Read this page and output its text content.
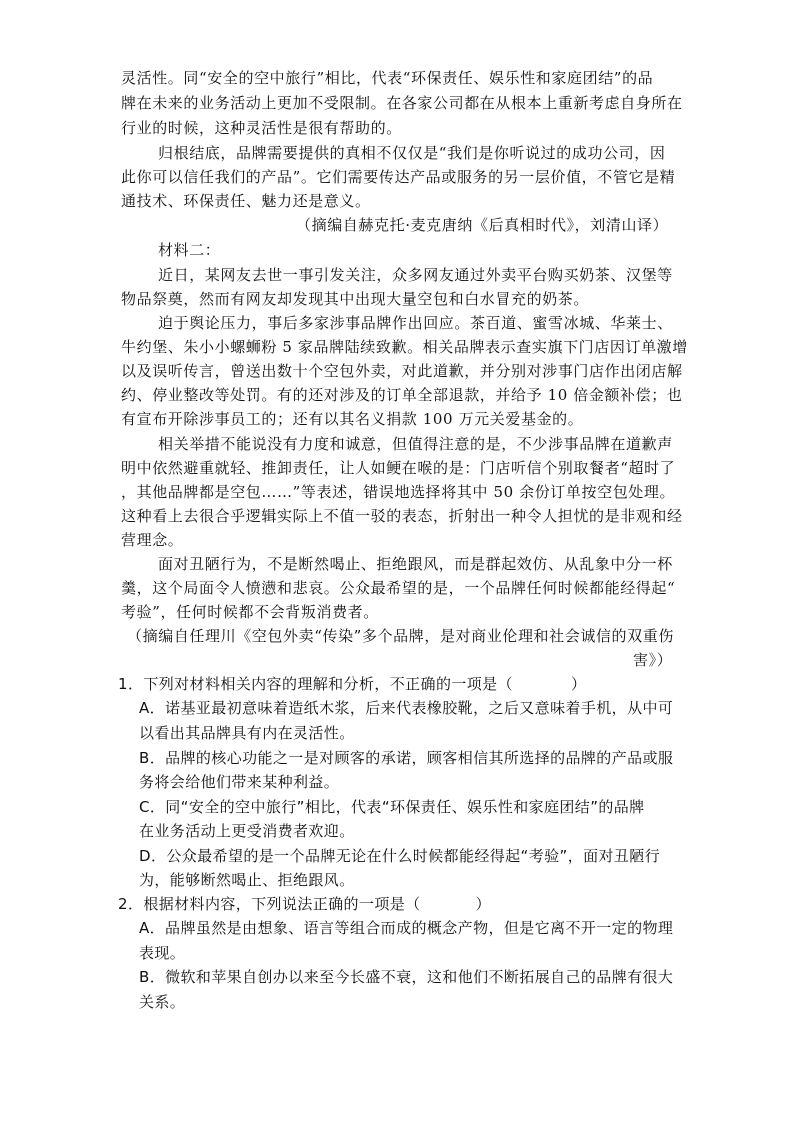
灵活性。同“安全的空中旅行”相比，代表“环保责任、娱乐性和家庭团结”的品
牌在未来的业务活动上更加不受限制。在各家公司都在从根本上重新考虑自身所在
行业的时候，这种灵活性是很有帮助的。
归根结底，品牌需要提供的真相不仅仅是“我们是你听说过的成功公司，因
此你可以信任我们的产品”。它们需要传达产品或服务的另一层价值，不管它是精
通技术、环保责任、魅力还是意义。
（摘编自赫克托·麦克唐纳《后真相时代》，刘清山译）
材料二：
近日，某网友去世一事引发关注，众多网友通过外卖平台购买奶茶、汉堡等
物品祭奠，然而有网友却发现其中出现大量空包和白水冒充的奶茶。
迫于舆论压力，事后多家涉事品牌作出回应。茶百道、蜜雪冰城、华莱士、
牛约堡、朱小小螺蛳粉 5 家品牌陆续致歉。相关品牌表示查实旗下门店因订单激增
以及误听传言，曾送出数十个空包外卖，对此道歉，并分别对涉事门店作出闭店解
约、停业整改等处罚。有的还对涉及的订单全部退款，并给予 10 倍金额补偿；也
有宣布开除涉事员工的；还有以其名义捐款 100 万元关爱基金的。
相关举措不能说没有力度和诚意，但值得注意的是，不少涉事品牌在道歉声
明中依然避重就轻、推卸责任，让人如鲠在喉的是：门店听信个别取餐者“超时了
，其他品牌都是空包……”等表述，错误地选择将其中 50 余份订单按空包处理。
这种看上去很合乎逻辑实际上不值一驳的表态，折射出一种令人担忧的是非观和经
营理念。
面对丑陋行为，不是断然喝止、拒绝跟风，而是群起效仿、从乱象中分一杯
羹，这个局面令人愤懑和悲哀。公众最希望的是，一个品牌任何时候都能经得起“
考验”，任何时候都不会背叛消费者。
（摘编自任理川《空包外卖“传染”多个品牌，是对商业伦理和社会诚信的双重伤
害》）
1．下列对材料相关内容的理解和分析，不正确的一项是（	）
A．诺基亚最初意味着造纸木浆，后来代表橡胶靴，之后又意味着手机，从中可
以看出其品牌具有内在灵活性。
B．品牌的核心功能之一是对顾客的承诺，顾客相信其所选择的品牌的产品或服
务将会给他们带来某种利益。
C．同“安全的空中旅行”相比，代表“环保责任、娱乐性和家庭团结”的品牌
在业务活动上更受消费者欢迎。
D．公众最希望的是一个品牌无论在什么时候都能经得起“考验”，面对丑陋行
为，能够断然喝止、拒绝跟风。
2．根据材料内容，下列说法正确的一项是（	）
A．品牌虽然是由想象、语言等组合而成的概念产物，但是它离不开一定的物理
表现。
B．微软和苹果自创办以来至今长盛不衰，这和他们不断拓展自己的品牌有很大
关系。
